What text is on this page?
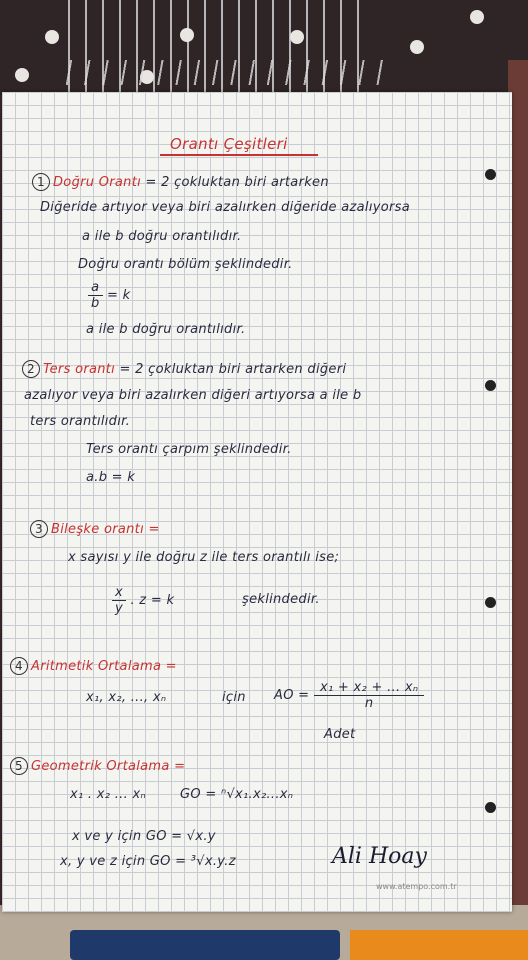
Orantı Çeşitleri
1 Doğru Orantı = 2 çokluktan biri artarken
Diğeride artıyor veya biri azalırken diğeride azalıyorsa
a ile b doğru orantılıdır.
Doğru orantı bölüm şeklindedir.
$\frac{a}{b} = k$
a ile b doğru orantılıdır.
2 Ters orantı = 2 çokluktan biri artarken diğeri
azalıyor veya biri azalırken diğeri artıyorsa a ile b
ters orantılıdır.
Ters orantı çarpım şeklindedir.
a.b = k
3 Bileşke orantı =
x sayısı y ile doğru z ile ters orantılı ise;
$\frac{x}{y}$ . z = k	şeklindedir.
4 Aritmetik Ortalama =
x₁, x₂, ..., xₙ	için AO = $\frac{\text{x₁ + x₂ + ... xₙ}}{n}$
Adet
5 Geometrik Ortalama =
x₁ . x₂ ... xₙ	GO = ⁿ√x₁.x₂...xₙ
x ve y için GO = √x.y
x, y ve z için GO = ³√x.y.z	Ali Hoay
www.atempo.com.tr
